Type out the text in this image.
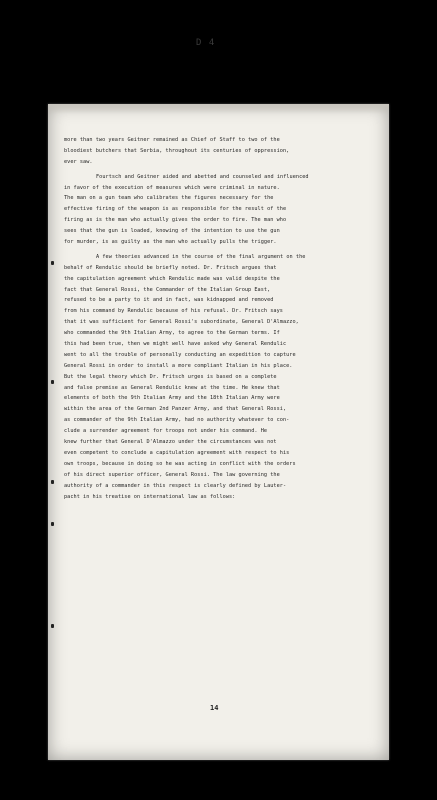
D 4
more than two years Geitner remained as Chief of Staff to two of the
bloodiest butchers that Serbia, throughout its centuries of oppression,
ever saw.
Fourtsch and Geitner aided and abetted and counseled and influenced
in favor of the execution of measures which were criminal in nature.
The man on a gun team who calibrates the figures necessary for the
effective firing of the weapon is as responsible for the result of the
firing as is the man who actually gives the order to fire. The man who
sees that the gun is loaded, knowing of the intention to use the gun
for murder, is as guilty as the man who actually pulls the trigger.
A few theories advanced in the course of the final argument on the
behalf of Rendulic should be briefly noted. Dr. Fritsch argues that
the capitulation agreement which Rendulic made was valid despite the
fact that General Rossi, the Commander of the Italian Group East,
refused to be a party to it and in fact, was kidnapped and removed
from his command by Rendulic because of his refusal. Dr. Fritsch says
that it was sufficient for General Rossi's subordinate, General D'Almazzo,
who commanded the 9th Italian Army, to agree to the German terms. If
this had been true, then we might well have asked why General Rendulic
went to all the trouble of personally conducting an expedition to capture
General Rossi in order to install a more compliant Italian in his place.
But the legal theory which Dr. Fritsch urges is based on a complete
and false premise as General Rendulic knew at the time. He knew that
elements of both the 9th Italian Army and the 18th Italian Army were
within the area of the German 2nd Panzer Army, and that General Rossi,
as commander of the 9th Italian Army, had no authority whatever to con-
clude a surrender agreement for troops not under his command. He
knew further that General D'Almazzo under the circumstances was not
even competent to conclude a capitulation agreement with respect to his
own troops, because in doing so he was acting in conflict with the orders
of his direct superior officer, General Rossi. The law governing the
authority of a commander in this respect is clearly defined by Lauter-
pacht in his treatise on international law as follows:
14
